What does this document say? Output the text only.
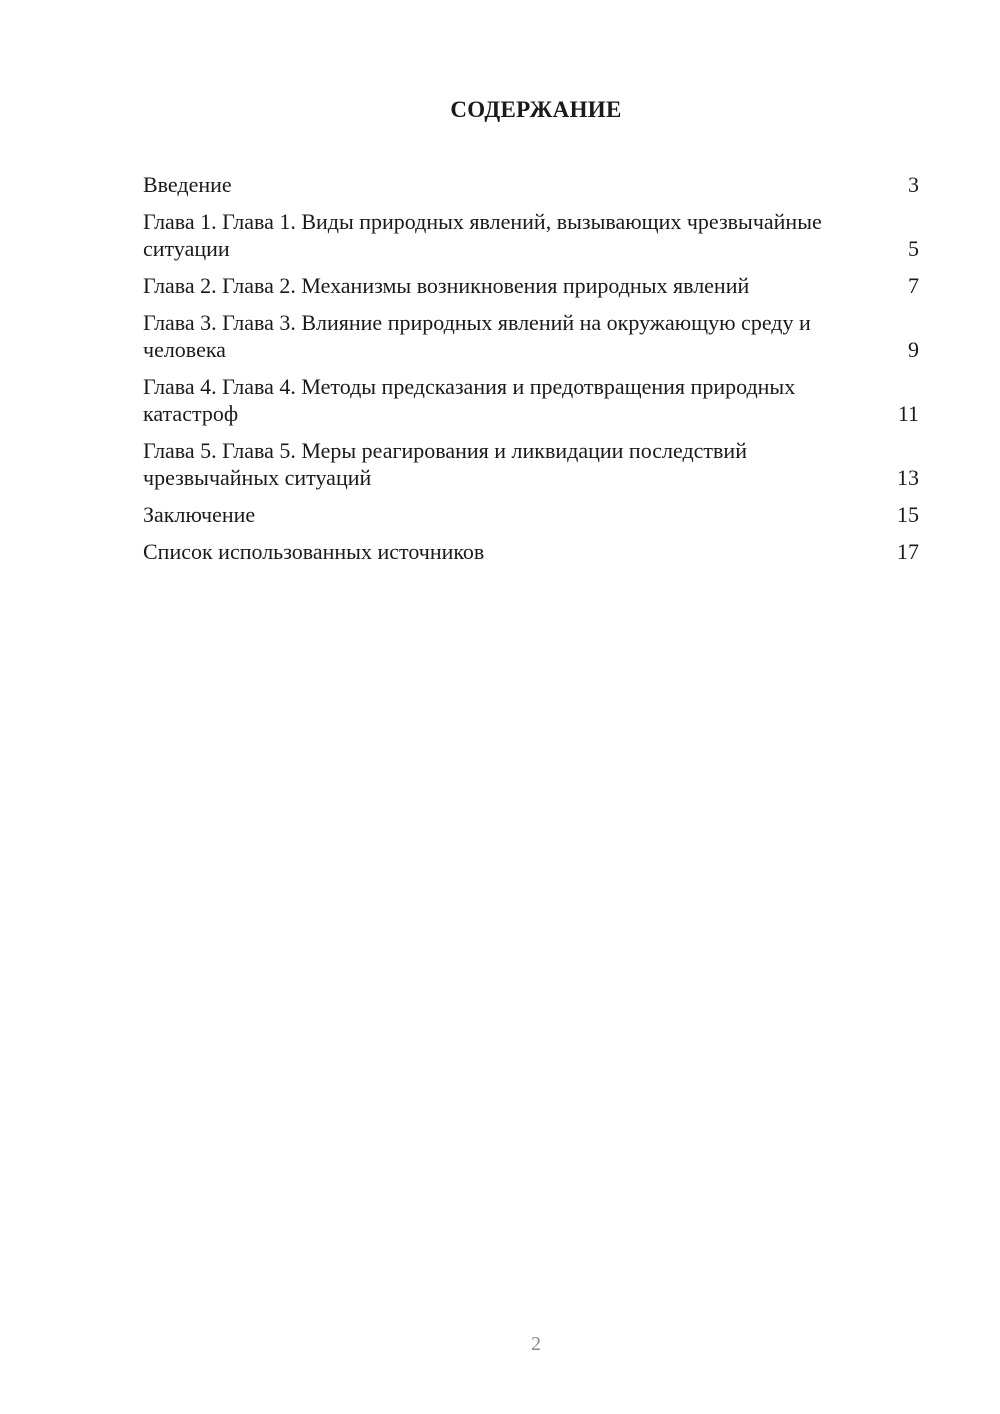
СОДЕРЖАНИЕ
Введение	3
Глава 1. Глава 1. Виды природных явлений, вызывающих чрезвычайные ситуации	5
Глава 2. Глава 2. Механизмы возникновения природных явлений	7
Глава 3. Глава 3. Влияние природных явлений на окружающую среду и человека	9
Глава 4. Глава 4. Методы предсказания и предотвращения природных катастроф	11
Глава 5. Глава 5. Меры реагирования и ликвидации последствий чрезвычайных ситуаций	13
Заключение	15
Список использованных источников	17
2
